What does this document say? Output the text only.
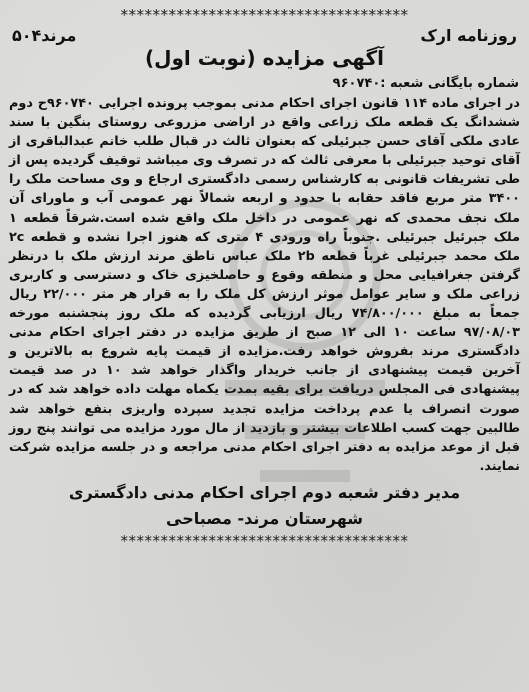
************************************
روزنامه ارک
مرند۵۰۴
آگهی مزایده (نوبت اول)
شماره بایگانی شعبه :۹۶۰۷۴۰
در اجرای ماده ۱۱۴ قانون اجرای احکام مدنی بموجب پرونده اجرایی ۹۶۰۷۴۰ح دوم ششدانگ یک قطعه ملک زراعی واقع در اراضی مزروعی روستای بنگین با سند عادی ملکی آقای حسن جبرئیلی که بعنوان ثالث در قبال طلب خانم عبدالباقری از آقای توحید جبرئیلی با معرفی ثالث که در تصرف وی میباشد توقیف گردیده پس از طی تشریفات قانونی به کارشناس رسمی دادگستری ارجاع و وی مساحت ملک را ۳۴۰۰ متر مربع فاقد حقابه با حدود و اربعه شمالاً نهر عمومی آب و ماورای آن ملک نجف محمدی که نهر عمومی در داخل ملک واقع شده است.شرقاً قطعه ۱ ملک جبرئیل جبرئیلی .جنوباً راه ورودی ۴ متری که هنوز اجرا نشده و قطعه ۲c ملک محمد جبرئیلی غرباً قطعه ۲b ملک عباس ناطق مرند ارزش ملک با درنظر گرفتن جغرافیایی محل و منطقه وقوع و حاصلخیزی خاک و دسترسی و کاربری زراعی ملک و سایر عوامل موثر ارزش کل ملک را به قرار هر متر ۲۲/۰۰۰ ریال جمعاً به مبلغ ۷۴/۸۰۰/۰۰۰ ریال ارزیابی گردیده که ملک روز پنجشنبه مورخه ۹۷/۰۸/۰۳ ساعت ۱۰ الی ۱۲ صبح از طریق مزایده در دفتر اجرای احکام مدنی دادگستری مرند بفروش خواهد رفت.مزایده از قیمت پایه شروع به بالاترین و آخرین قیمت پیشنهادی از جانب خریدار واگذار خواهد شد ۱۰ در صد قیمت پیشنهادی فی المجلس دریافت برای بقیه بمدت یکماه مهلت داده خواهد شد که در صورت انصراف یا عدم پرداخت مزایده تجدید سپرده واریزی بنفع خواهد شد طالبین جهت کسب اطلاعات بیشتر و بازدید از مال مورد مزایده می توانند پنج روز قبل از موعد مزایده به دفتر اجرای احکام مدنی مراجعه و در جلسه مزایده شرکت نمایند.
مدیر دفتر شعبه دوم اجرای احکام مدنی دادگستری
شهرستان مرند- مصباحی
************************************
